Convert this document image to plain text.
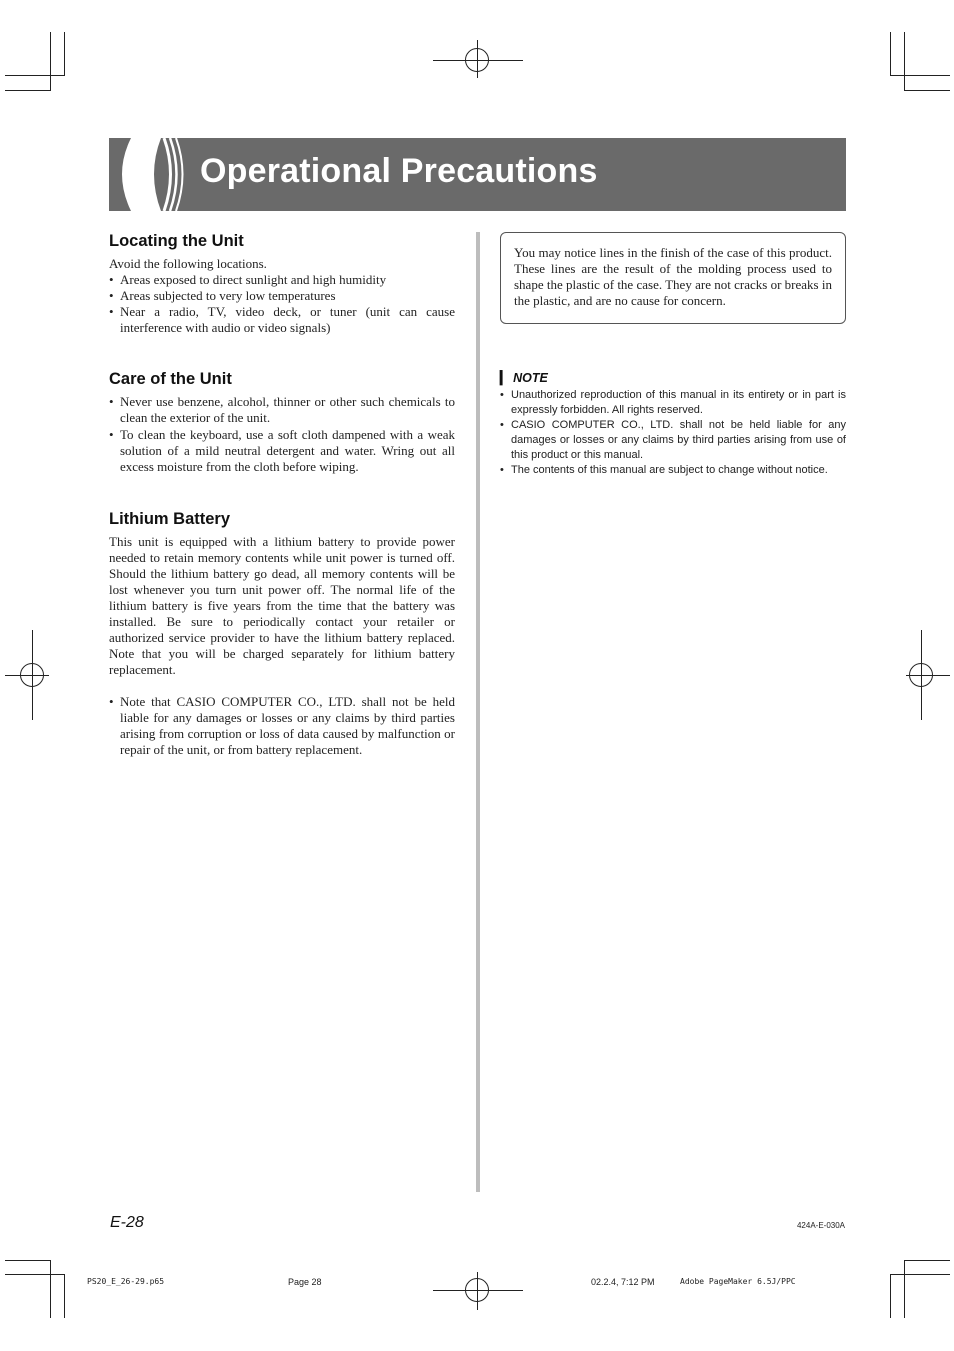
Operational Precautions
Locating the Unit

Avoid the following locations.

• Areas exposed to direct sunlight and high humidity
• Areas subjected to very low temperatures
• Near a radio, TV, video deck, or tuner (unit can cause interference with audio or video signals)
Care of the Unit
• Never use benzene, alcohol, thinner or other such chemicals to clean the exterior of the unit.
• To clean the keyboard, use a soft cloth dampened with a weak solution of a mild neutral detergent and water. Wring out all excess moisture from the cloth before wiping.
Lithium Battery

This unit is equipped with a lithium battery to provide power needed to retain memory contents while unit power is turned off. Should the lithium battery go dead, all memory contents will be lost whenever you turn unit power off. The normal life of the lithium battery is five years from the time that the battery was installed. Be sure to periodically contact your retailer or authorized service provider to have the lithium battery replaced. Note that you will be charged separately for lithium battery replacement.

• Note that CASIO COMPUTER CO., LTD. shall not be held liable for any damages or losses or any claims by third parties arising from corruption or loss of data caused by malfunction or repair of the unit, or from battery replacement.
You may notice lines in the finish of the case of this product. These lines are the result of the molding process used to shape the plastic of the case. They are not cracks or breaks in the plastic, and are no cause for concern.
▎ NOTE
• Unauthorized reproduction of this manual in its entirety or in part is expressly forbidden. All rights reserved.
• CASIO COMPUTER CO., LTD. shall not be held liable for any damages or losses or any claims by third parties arising from use of this product or this manual.
• The contents of this manual are subject to change without notice.
E-28	424A-E-030A
PS20_E_26-29.p65	Page 28	02.2.4, 7:12 PM	Adobe PageMaker 6.5J/PPC
